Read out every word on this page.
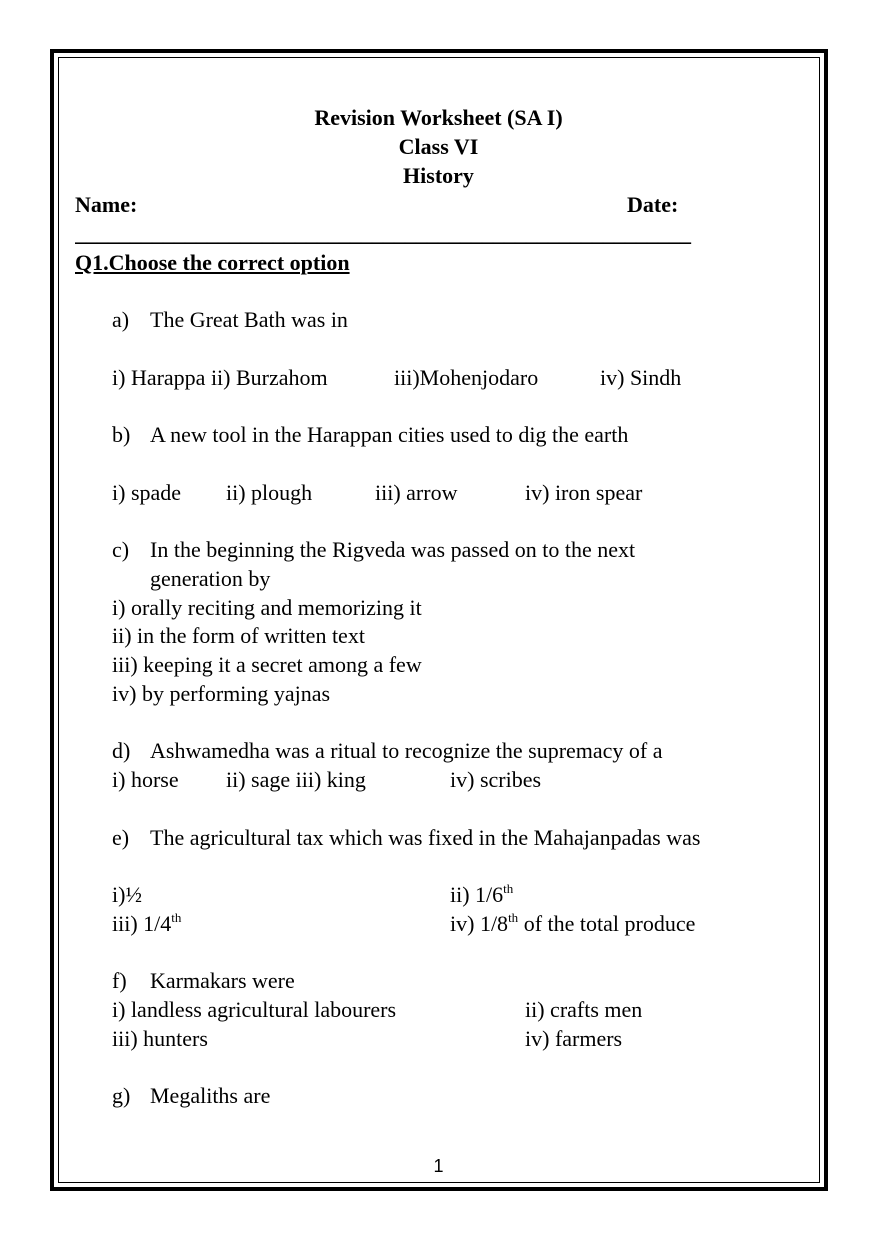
Revision Worksheet (SA I)
Class VI
History
Name:	Date:
________________________________________________________
Q1.Choose the correct option
a) The Great Bath was in
i) Harappa ii) Burzahom	iii)Mohenjodaro	iv) Sindh
b) A new tool in the Harappan cities used to dig the earth
i) spade ii) plough	iii) arrow	iv) iron spear
c) In the beginning the Rigveda was passed on to the next
generation by
i) orally reciting and memorizing it
ii) in the form of written text
iii) keeping it a secret among a few
iv) by performing yajnas
d) Ashwamedha was a ritual to recognize the supremacy of a
i) horse ii) sage iii) king	iv) scribes
e) The agricultural tax which was fixed in the Mahajanpadas was
i)½	ii) 1/6th
iii) 1/4th	iv) 1/8th of the total produce
f) Karmakars were
i) landless agricultural labourers	ii) crafts men
iii) hunters	iv) farmers
g) Megaliths are
1
